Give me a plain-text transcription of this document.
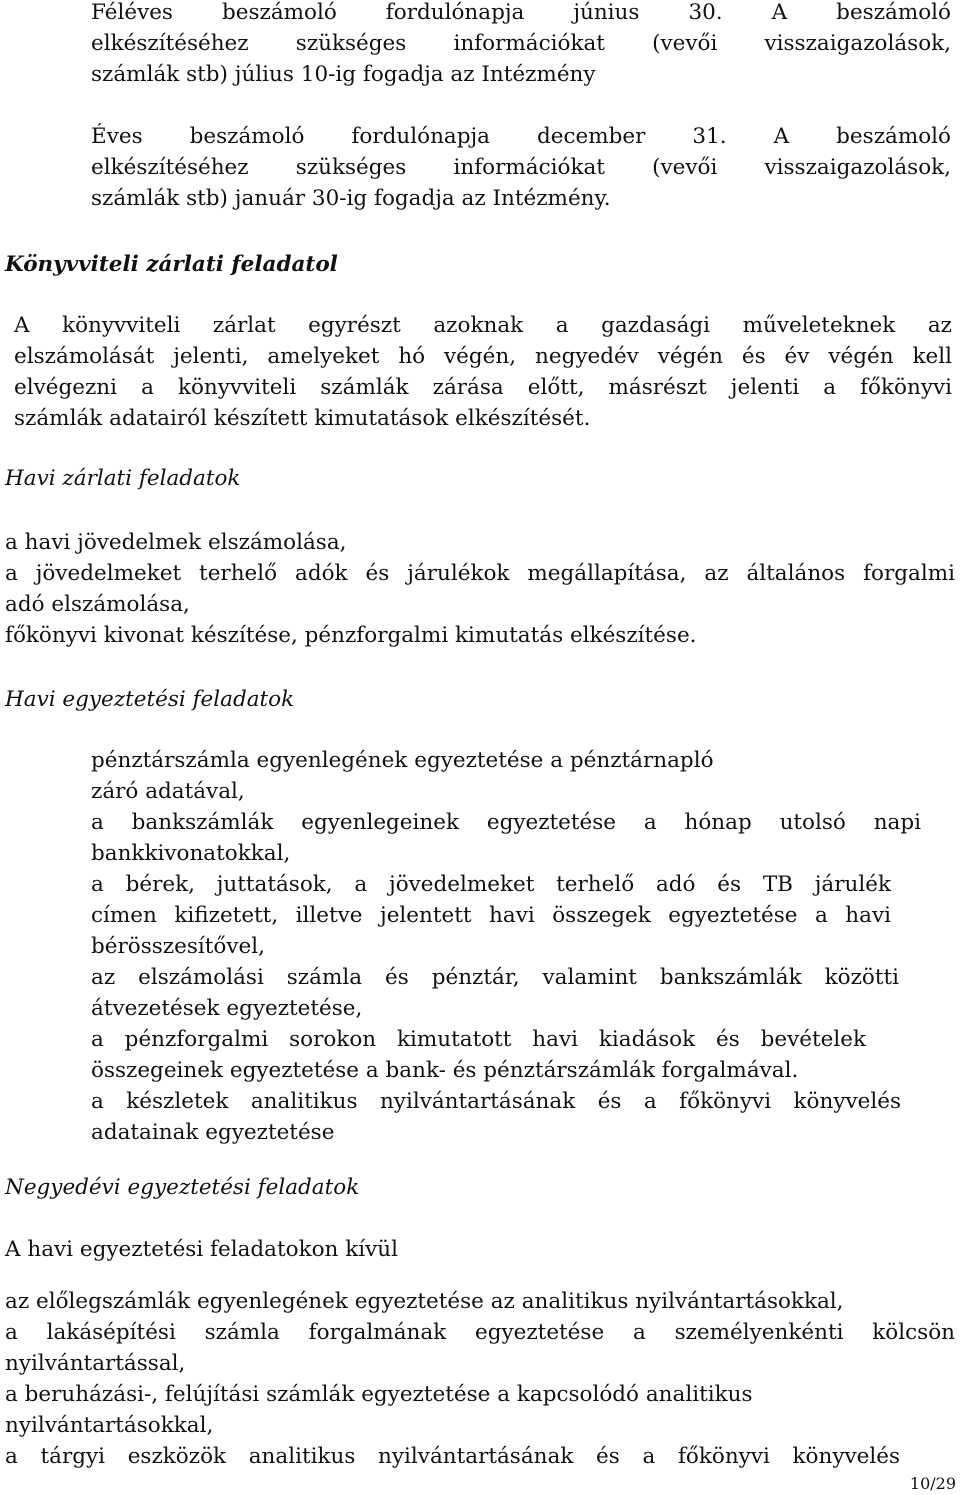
Féléves beszámoló fordulónapja június 30. A beszámoló
elkészítéséhez szükséges információkat (vevői visszaigazolások,
számlák stb) július 10-ig fogadja az Intézmény
Éves beszámoló fordulónapja december 31. A beszámoló
elkészítéséhez szükséges információkat (vevői visszaigazolások,
számlák stb) január 30-ig fogadja az Intézmény.
Könyvviteli zárlati feladatol
A könyvviteli zárlat egyrészt azoknak a gazdasági műveleteknek az
elszámolását jelenti, amelyeket hó végén, negyedév végén és év végén kell
elvégezni a könyvviteli számlák zárása előtt, másrészt jelenti a főkönyvi
számlák adatairól készített kimutatások elkészítését.
Havi zárlati feladatok
a havi jövedelmek elszámolása,
a jövedelmeket terhelő adók és járulékok megállapítása, az általános forgalmi
adó elszámolása,
főkönyvi kivonat készítése, pénzforgalmi kimutatás elkészítése.
Havi egyeztetési feladatok
pénztárszámla egyenlegének egyeztetése a pénztárnapló
záró adatával,
a bankszámlák egyenlegeinek egyeztetése a hónap utolsó napi
bankkivonatokkal,
a bérek, juttatások, a jövedelmeket terhelő adó és TB járulék
címen kifizetett, illetve jelentett havi összegek egyeztetése a havi
bérösszesítővel,
az elszámolási számla és pénztár, valamint bankszámlák közötti
átvezetések egyeztetése,
a pénzforgalmi sorokon kimutatott havi kiadások és bevételek
összegeinek egyeztetése a bank- és pénztárszámlák forgalmával.
a készletek analitikus nyilvántartásának és a főkönyvi könyvelés
adatainak egyeztetése
Negyedévi egyeztetési feladatok
A havi egyeztetési feladatokon kívül
az előlegszámlák egyenlegének egyeztetése az analitikus nyilvántartásokkal,
a lakásépítési számla forgalmának egyeztetése a személyenkénti kölcsön
nyilvántartással,
a beruházási-, felújítási számlák egyeztetése a kapcsolódó analitikus
nyilvántartásokkal,
a tárgyi eszközök analitikus nyilvántartásának és a főkönyvi könyvelés
10/29
